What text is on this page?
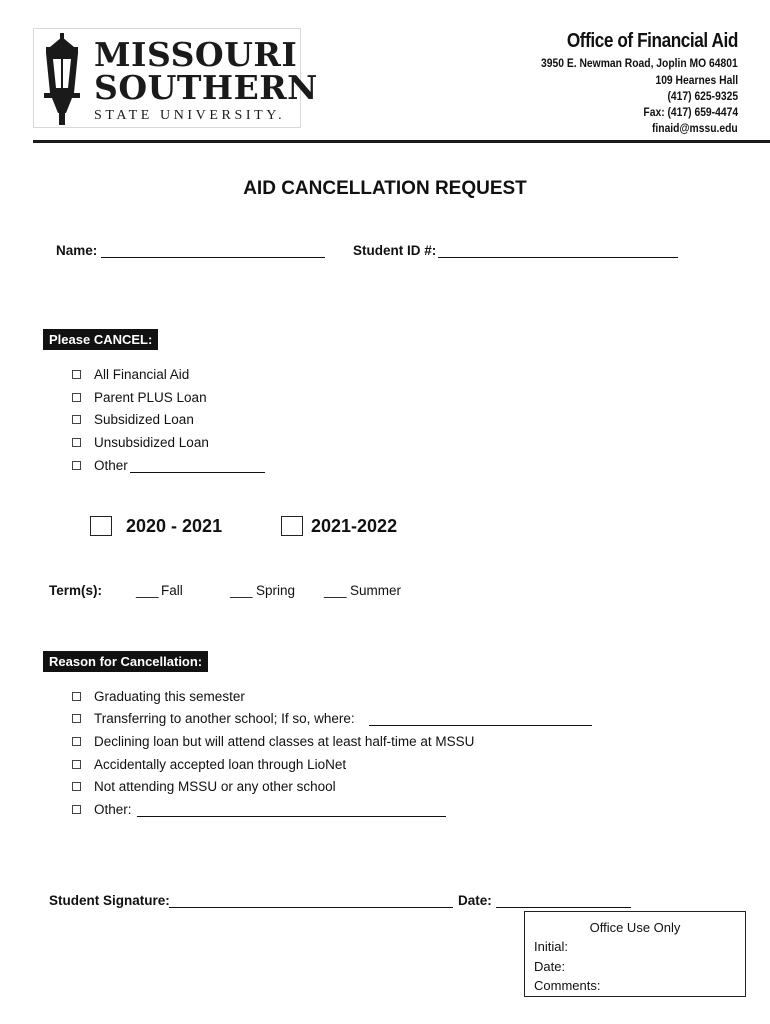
MISSOURI
SOUTHERN
STATE UNIVERSITY.
Office of Financial Aid
3950 E. Newman Road, Joplin MO 64801
109 Hearnes Hall
(417) 625-9325
Fax: (417) 659-4474
finaid@mssu.edu
AID CANCELLATION REQUEST
Name:	Student ID #:
Please CANCEL:
All Financial Aid
Parent PLUS Loan
Subsidized Loan
Unsubsidized Loan
Other
2020 - 2021	2021-2022
Term(s):	___ Fall	___ Spring ___ Summer
Reason for Cancellation:
Graduating this semester
Transferring to another school; If so, where:
Declining loan but will attend classes at least half-time at MSSU
Accidentally accepted loan through LioNet
Not attending MSSU or any other school
Other:
Student Signature:	Date:
Office Use Only
Initial:
Date:
Comments:
